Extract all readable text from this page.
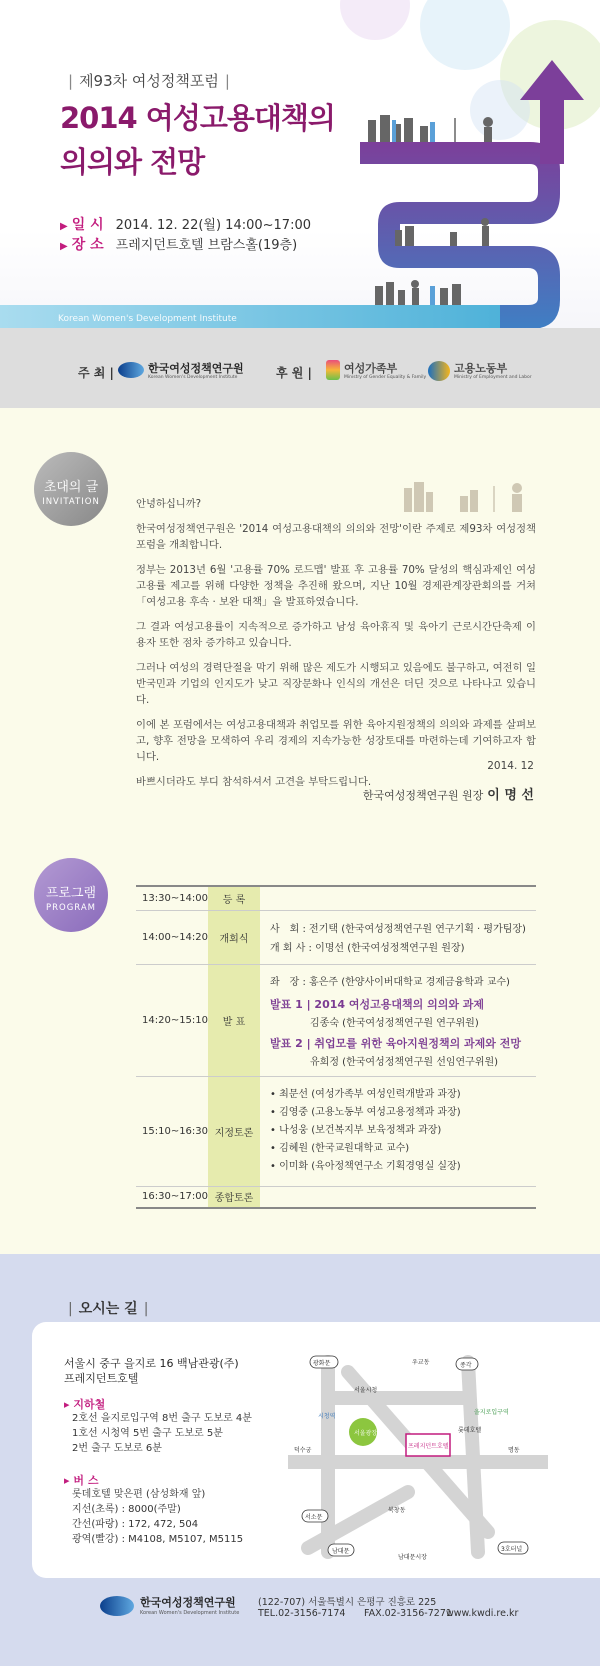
| 제93차 여성정책포럼 |
2014 여성고용대책의
의의와 전망
▶ 일 시 2014. 12. 22(월) 14:00~17:00
▶ 장 소 프레지던트호텔 브람스홀(19층)
Korean Women's Development Institute
주 최 |	한국여성정책연구원
Korean Women's Development Institute	후 원 |	여성가족부
Ministry of Gender Equality & Family
고용노동부
Ministry of Employment and Labor
초대의 글
INVITATION	안녕하십니까?

한국여성정책연구원은 '2014 여성고용대책의 의의와 전망'이란 주제로 제93차 여성정책포럼을 개최합니다.

정부는 2013년 6월 '고용률 70% 로드맵' 발표 후 고용률 70% 달성의 핵심과제인 여성고용률 제고를 위해 다양한 정책을 추진해 왔으며, 지난 10월 경제관계장관회의를 거쳐 「여성고용 후속 · 보완 대책」을 발표하였습니다.

그 결과 여성고용률이 지속적으로 증가하고 남성 육아휴직 및 육아기 근로시간단축제 이용자 또한 점차 증가하고 있습니다.

그러나 여성의 경력단절을 막기 위해 많은 제도가 시행되고 있음에도 불구하고, 여전히 일반국민과 기업의 인지도가 낮고 직장문화나 인식의 개선은 더딘 것으로 나타나고 있습니다.

이에 본 포럼에서는 여성고용대책과 취업모를 위한 육아지원정책의 의의와 과제를 살펴보고, 향후 전망을 모색하여 우리 경제의 지속가능한 성장토대를 마련하는데 기여하고자 합니다.

바쁘시더라도 부디 참석하셔서 고견을 부탁드립니다.

2014. 12
한국여성정책연구원 원장 이 명 선
프로그램
PROGRAM
13:30~14:00	등 록	
14:00~14:20	개회식	사　회 : 전기택 (한국여성정책연구원 연구기획 · 평가팀장)
개 회 사 : 이명선 (한국여성정책연구원 원장)

14:20~15:10	발 표	좌　장 : 홍은주 (한양사이버대학교 경제금융학과 교수)
발표 1 | 2014 여성고용대책의 의의와 과제
김종숙 (한국여성정책연구원 연구위원)
발표 2 | 취업모를 위한 육아지원정책의 과제와 전망
유희정 (한국여성정책연구원 선임연구위원)

15:10~16:30	지정토론	• 최문선 (여성가족부 여성인력개발과 과장)
• 김영중 (고용노동부 여성고용정책과 과장)
• 나성웅 (보건복지부 보육정책과 과장)
• 김혜원 (한국교원대학교 교수)
• 이미화 (육아정책연구소 기획경영실 실장)

16:30~17:00	종합토론	
| 오시는 길 |
서울시 중구 을지로 16 백남관광(주)
프레지던트호텔
▸ 지하철
2호선 을지로입구역 8번 출구 도보로 4분
1호선 시청역 5번 출구 도보로 5분
2번 출구 도보로 6분
▸ 버 스
롯데호텔 맞은편 (삼성화재 앞)
지선(초록) : 8000(주말)
간선(파랑) : 172, 472, 504
광역(빨강) : M4108, M5107, M5115
광화문	우교동	종각
서울시청
서울광장
시청역
프레지던트호텔
을지로입구역
덕수궁
서소문
북창동
명동
남대문
남대문시장
3호터널
롯데호텔
한국여성정책연구원
Korean Women's Development Institute
(122-707) 서울특별시 은평구 진흥로 225
TEL.02-3156-7174 FAX.02-3156-7271
www.kwdi.re.kr
